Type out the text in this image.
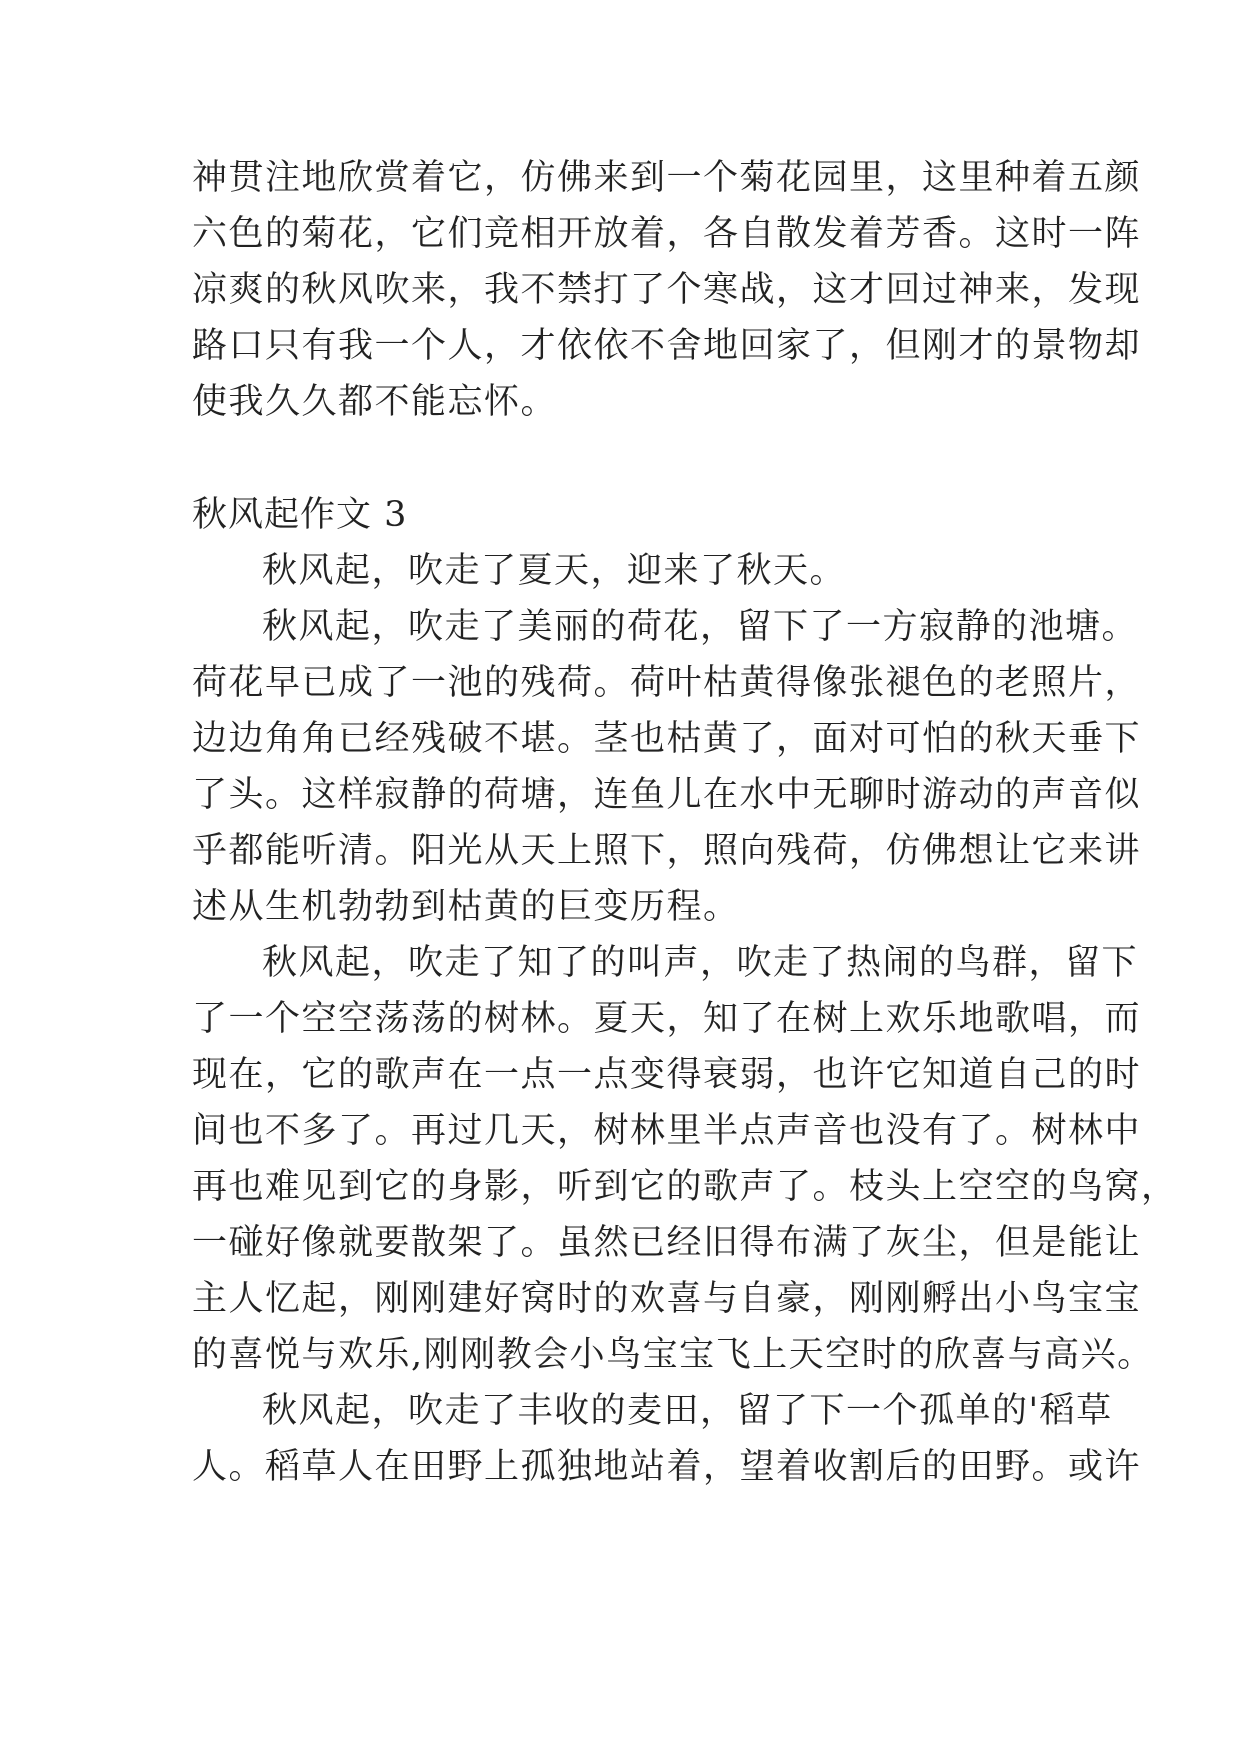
神贯注地欣赏着它，仿佛来到一个菊花园里，这里种着五颜
六色的菊花，它们竞相开放着，各自散发着芳香。这时一阵
凉爽的秋风吹来，我不禁打了个寒战，这才回过神来，发现
路口只有我一个人，才依依不舍地回家了，但刚才的景物却
使我久久都不能忘怀。
秋风起作文 3
秋风起，吹走了夏天，迎来了秋天。
秋风起，吹走了美丽的荷花，留下了一方寂静的池塘。
荷花早已成了一池的残荷。荷叶枯黄得像张褪色的老照片，
边边角角已经残破不堪。茎也枯黄了，面对可怕的秋天垂下
了头。这样寂静的荷塘，连鱼儿在水中无聊时游动的声音似
乎都能听清。阳光从天上照下，照向残荷，仿佛想让它来讲
述从生机勃勃到枯黄的巨变历程。
秋风起，吹走了知了的叫声，吹走了热闹的鸟群，留下
了一个空空荡荡的树林。夏天，知了在树上欢乐地歌唱，而
现在，它的歌声在一点一点变得衰弱，也许它知道自己的时
间也不多了。再过几天，树林里半点声音也没有了。树林中
再也难见到它的身影，听到它的歌声了。枝头上空空的鸟窝，
一碰好像就要散架了。虽然已经旧得布满了灰尘，但是能让
主人忆起，刚刚建好窝时的欢喜与自豪，刚刚孵出小鸟宝宝
的喜悦与欢乐,刚刚教会小鸟宝宝飞上天空时的欣喜与高兴。
秋风起，吹走了丰收的麦田，留了下一个孤单的'稻草
人。稻草人在田野上孤独地站着，望着收割后的田野。或许
